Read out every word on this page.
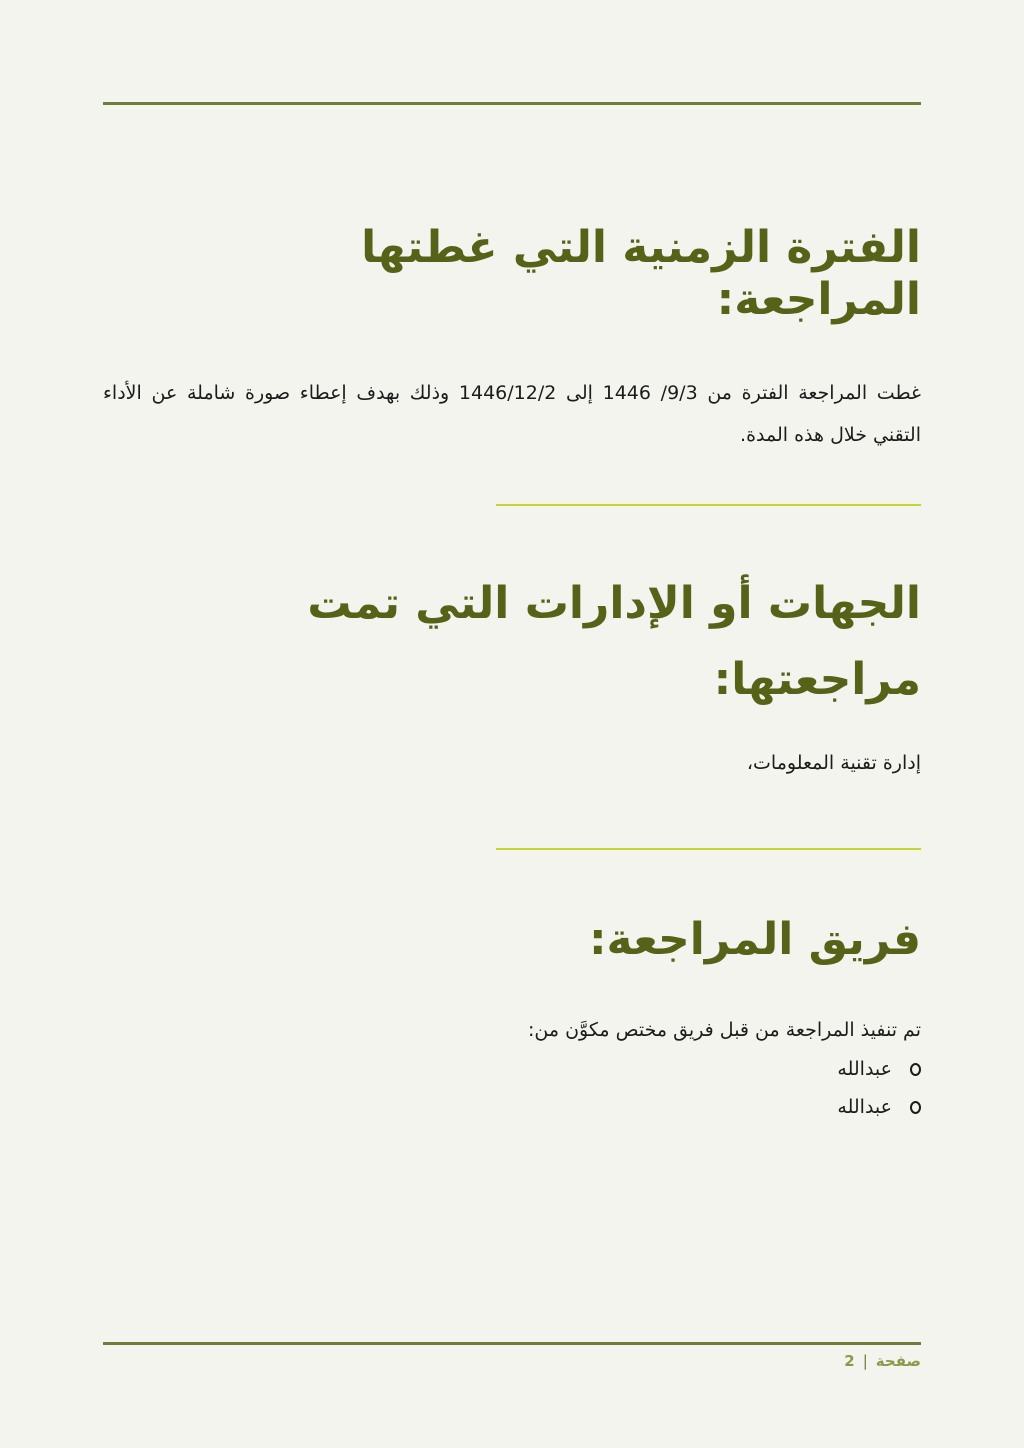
الفترة الزمنية التي غطتها المراجعة:

غطت المراجعة الفترة من 9/3/ 1446 إلى 1446/12/2 وذلك بهدف إعطاء صورة شاملة عن الأداء التقني خلال هذه المدة.

الجهات أو الإدارات التي تمت مراجعتها:

إدارة تقنية المعلومات،

فريق المراجعة:

تم تنفيذ المراجعة من قبل فريق مختص مكوَّن من:

عبدالله
عبدالله
صفحة
|
2
